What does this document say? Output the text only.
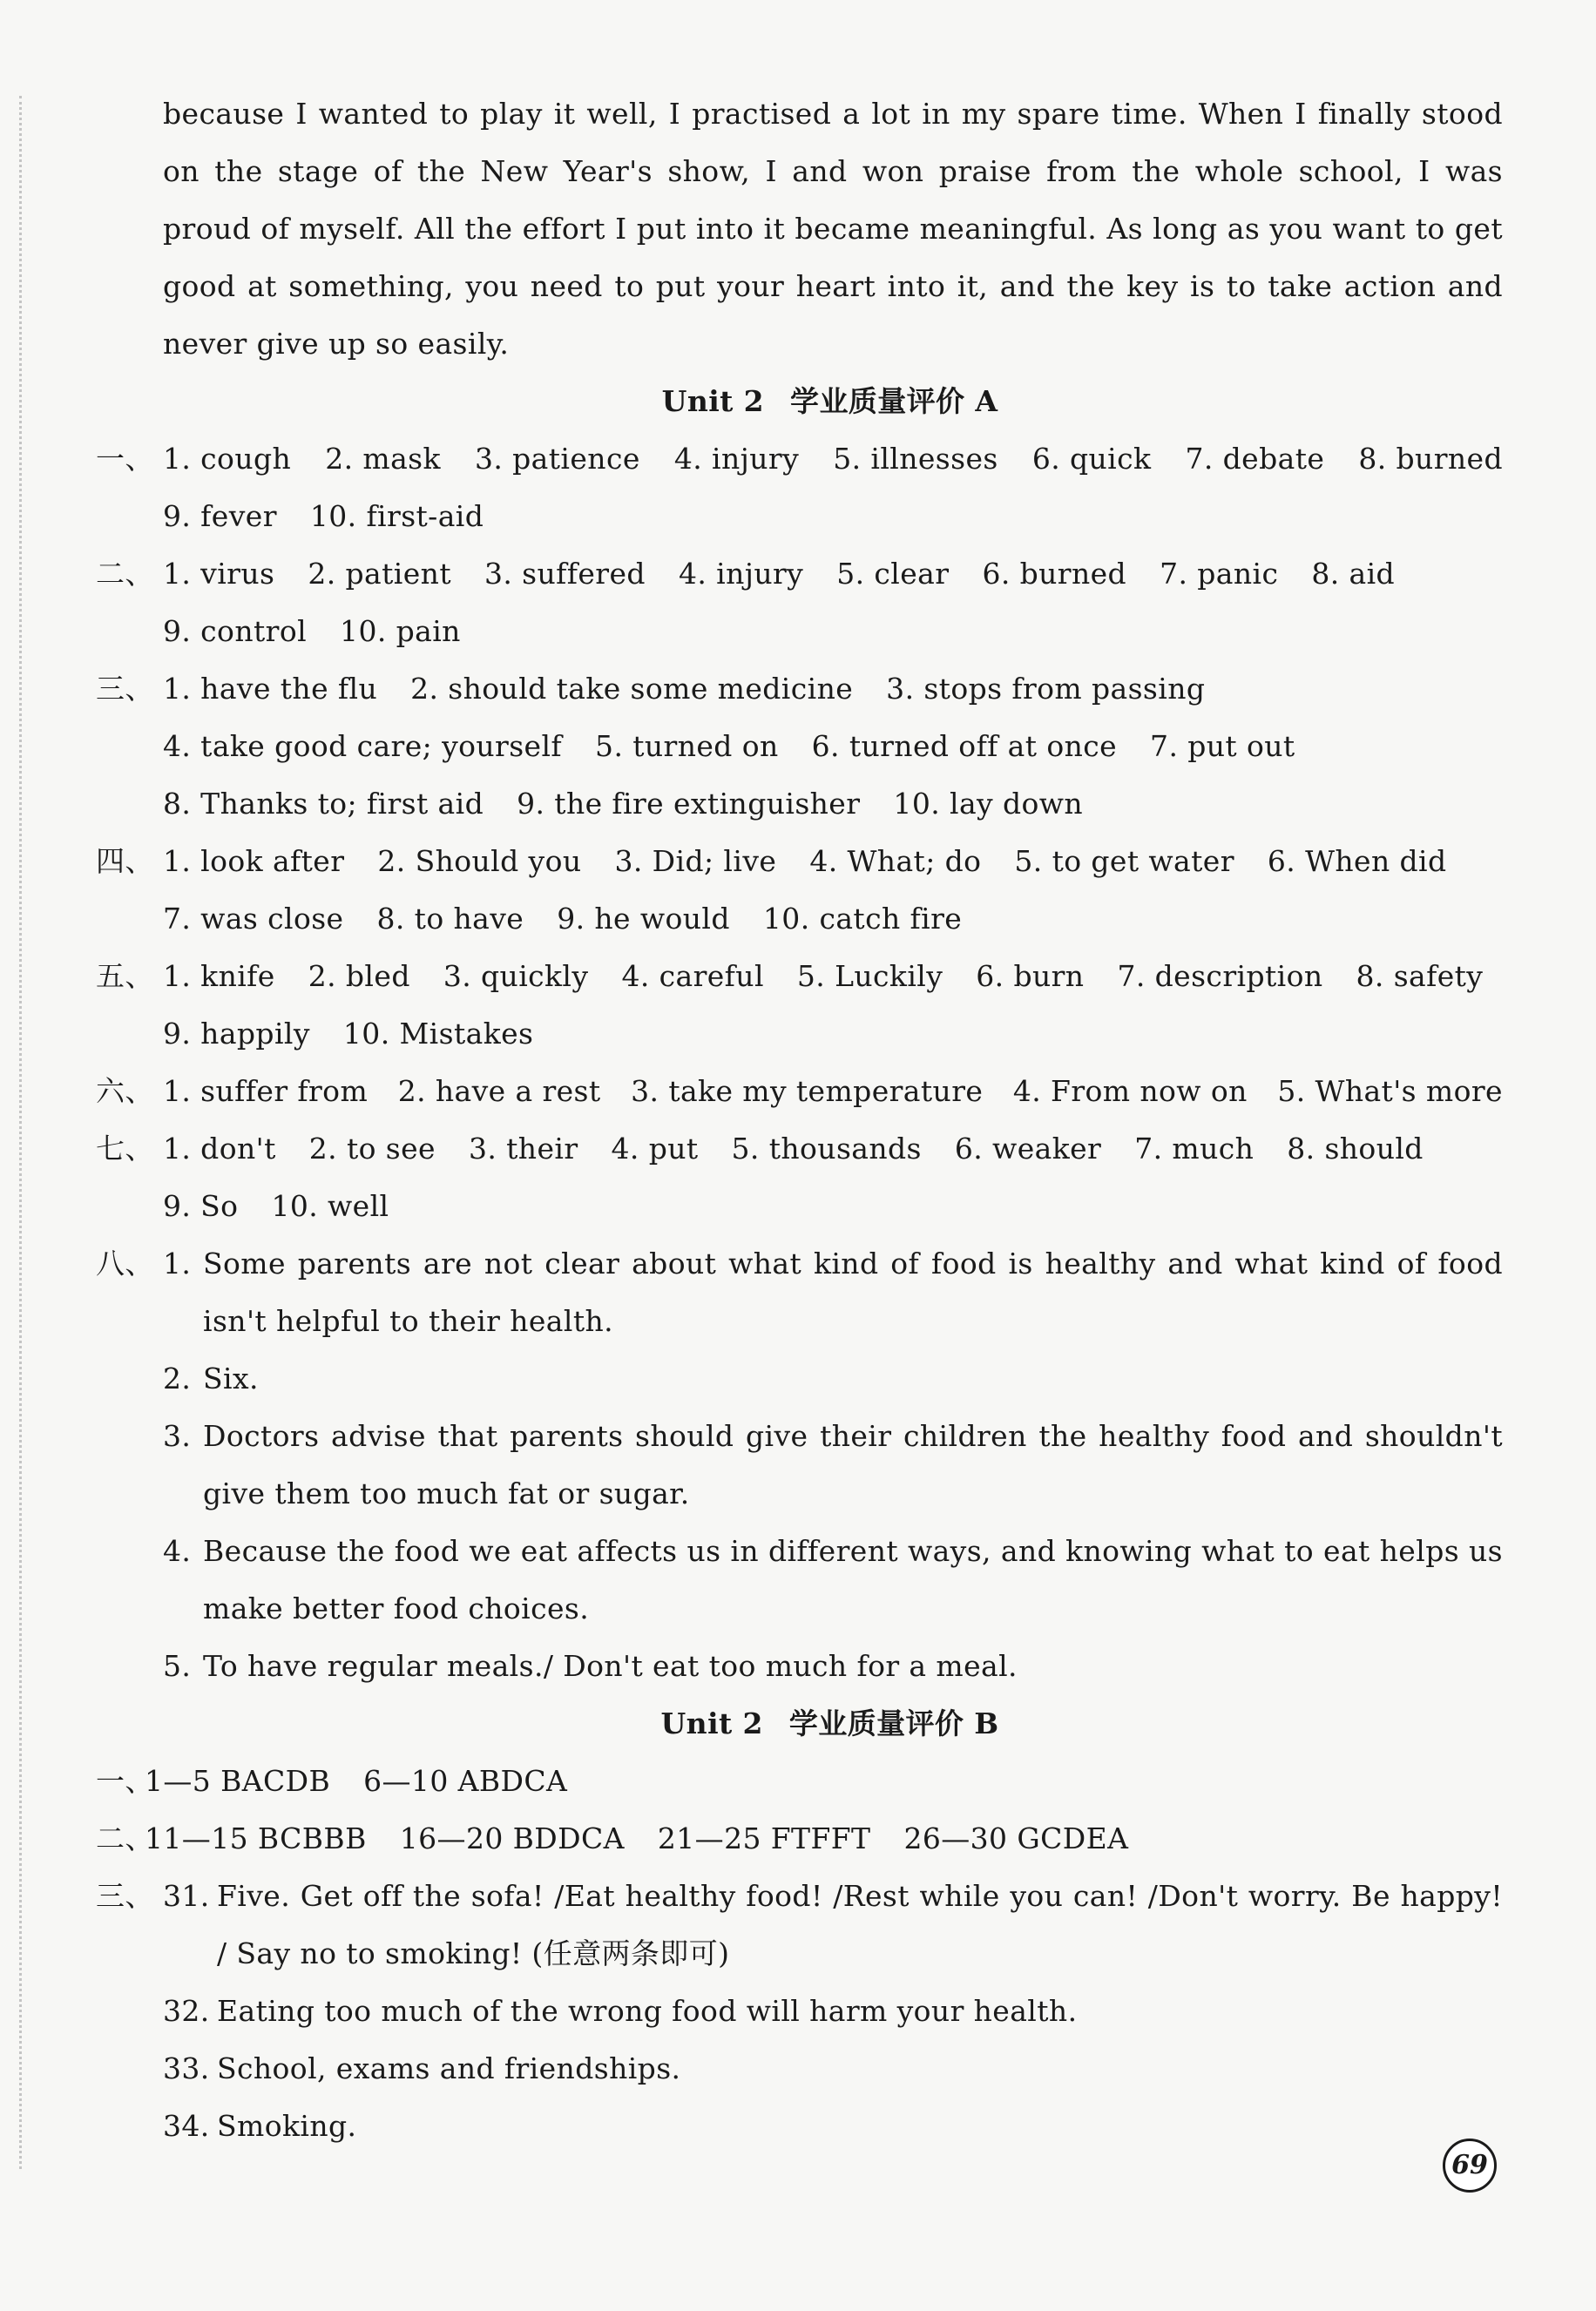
because I wanted to play it well, I practised a lot in my spare time. When I finally stood on the stage of the New Year's show, I and won praise from the whole school, I was proud of myself. All the effort I put into it became meaningful. As long as you want to get good at something, you need to put your heart into it, and the key is to take action and never give up so easily.
Unit 2 学业质量评价 A
一、 1. cough 2. mask 3. patience 4. injury 5. illnesses 6. quick 7. debate 8. burned
9. fever 10. first-aid
二、 1. virus 2. patient 3. suffered 4. injury 5. clear 6. burned 7. panic 8. aid
9. control 10. pain
三、 1. have the flu 2. should take some medicine 3. stops from passing
4. take good care; yourself 5. turned on 6. turned off at once 7. put out
8. Thanks to; first aid 9. the fire extinguisher 10. lay down
四、 1. look after 2. Should you 3. Did; live 4. What; do 5. to get water 6. When did
7. was close 8. to have 9. he would 10. catch fire
五、 1. knife 2. bled 3. quickly 4. careful 5. Luckily 6. burn 7. description 8. safety
9. happily 10. Mistakes
六、 1. suffer from 2. have a rest 3. take my temperature 4. From now on 5. What's more
七、 1. don't 2. to see 3. their 4. put 5. thousands 6. weaker 7. much 8. should
9. So 10. well
八、 1. Some parents are not clear about what kind of food is healthy and what kind of food isn't helpful to their health.
2. Six.
3. Doctors advise that parents should give their children the healthy food and shouldn't give them too much fat or sugar.
4. Because the food we eat affects us in different ways, and knowing what to eat helps us make better food choices.
5. To have regular meals./ Don't eat too much for a meal.
Unit 2 学业质量评价 B
一、
1—5 BACDB 6—10 ABDCA
二、
11—15 BCBBB 16—20 BDDCA 21—25 FTFFT 26—30 GCDEA
三、 31. Five. Get off the sofa! /Eat healthy food! /Rest while you can! /Don't worry. Be happy! / Say no to smoking! (任意两条即可)
32. Eating too much of the wrong food will harm your health.
33. School, exams and friendships.
34. Smoking.
69
